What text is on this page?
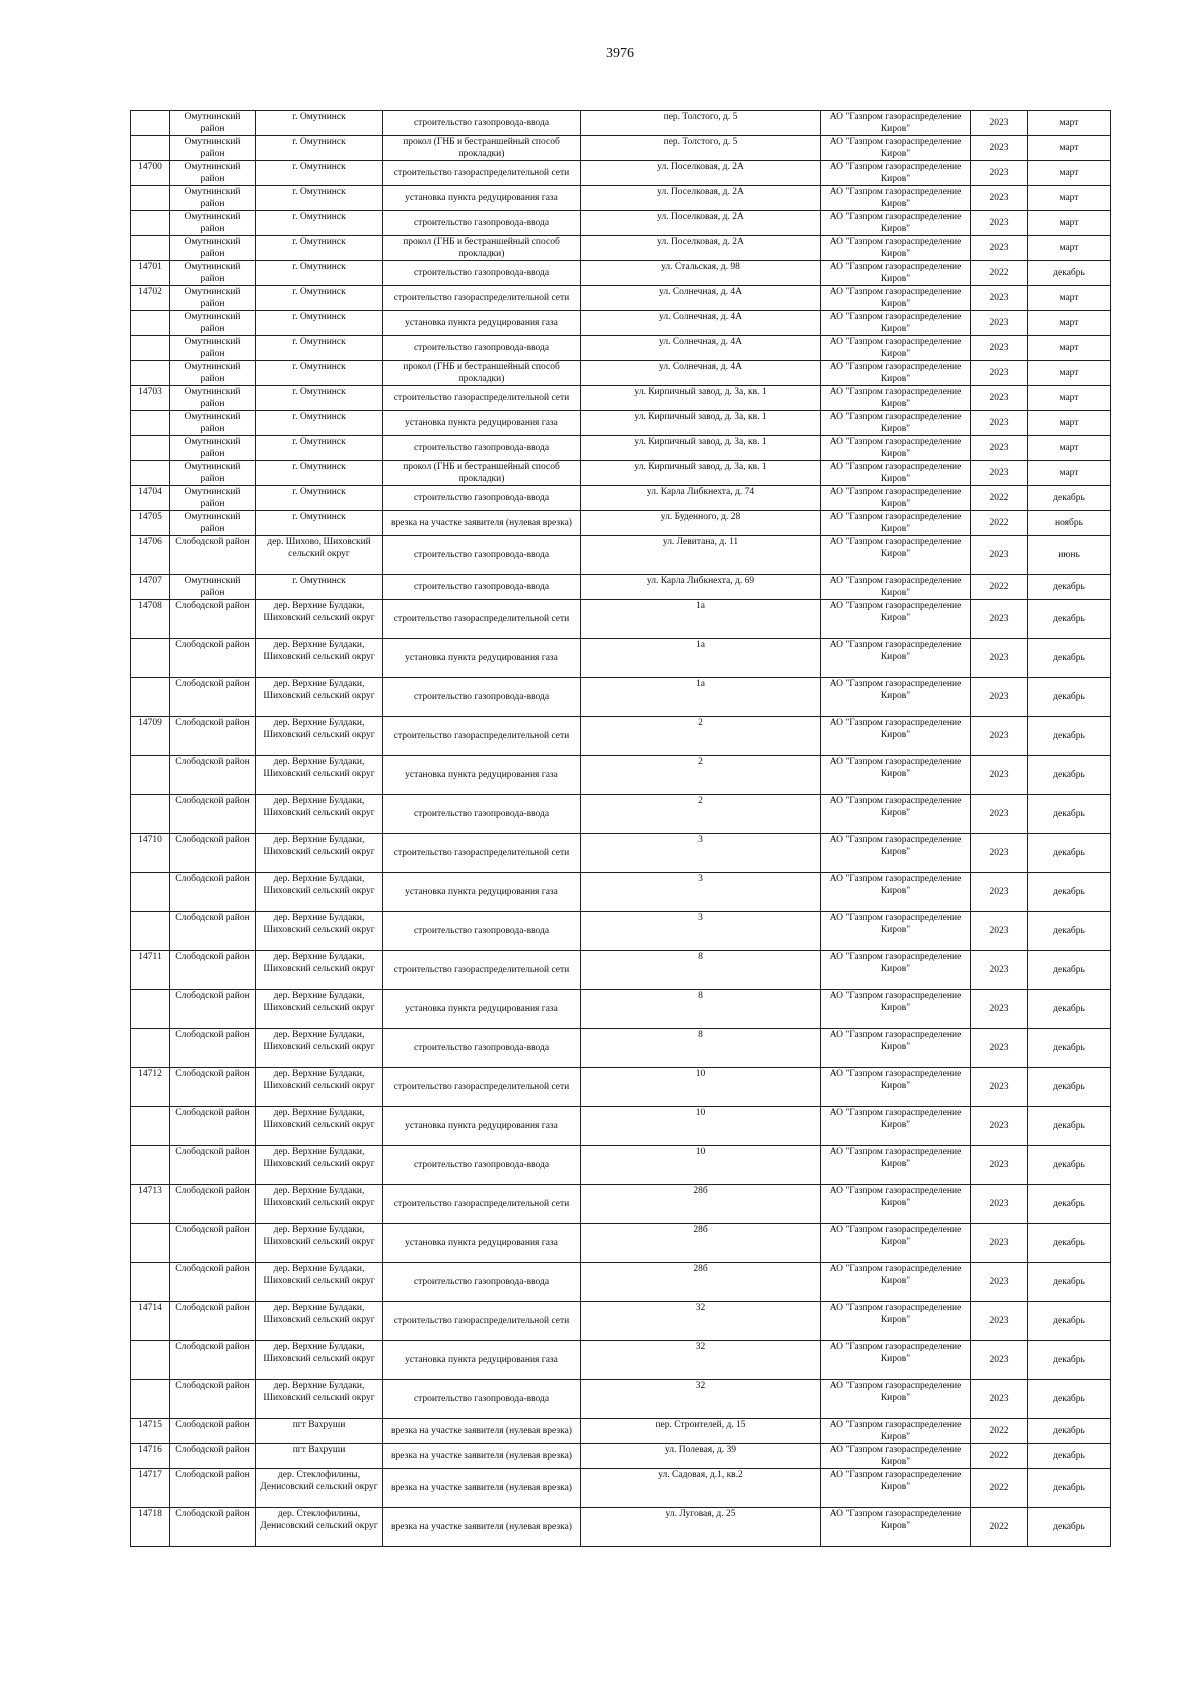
3976
	Омутнинский район	г. Омутнинск	строительство газопровода-ввода	пер. Толстого, д. 5	АО "Газпром газораспределение Киров"	2023	март
	Омутнинский район	г. Омутнинск	прокол (ГНБ и бестраншейный способ прокладки)	пер. Толстого, д. 5	АО "Газпром газораспределение Киров"	2023	март
14700	Омутнинский район	г. Омутнинск	строительство газораспределительной сети	ул. Поселковая, д. 2А	АО "Газпром газораспределение Киров"	2023	март
	Омутнинский район	г. Омутнинск	установка пункта редуцирования газа	ул. Поселковая, д. 2А	АО "Газпром газораспределение Киров"	2023	март
	Омутнинский район	г. Омутнинск	строительство газопровода-ввода	ул. Поселковая, д. 2А	АО "Газпром газораспределение Киров"	2023	март
	Омутнинский район	г. Омутнинск	прокол (ГНБ и бестраншейный способ прокладки)	ул. Поселковая, д. 2А	АО "Газпром газораспределение Киров"	2023	март
14701	Омутнинский район	г. Омутнинск	строительство газопровода-ввода	ул. Стальская, д. 98	АО "Газпром газораспределение Киров"	2022	декабрь
14702	Омутнинский район	г. Омутнинск	строительство газораспределительной сети	ул. Солнечная, д. 4А	АО "Газпром газораспределение Киров"	2023	март
	Омутнинский район	г. Омутнинск	установка пункта редуцирования газа	ул. Солнечная, д. 4А	АО "Газпром газораспределение Киров"	2023	март
	Омутнинский район	г. Омутнинск	строительство газопровода-ввода	ул. Солнечная, д. 4А	АО "Газпром газораспределение Киров"	2023	март
	Омутнинский район	г. Омутнинск	прокол (ГНБ и бестраншейный способ прокладки)	ул. Солнечная, д. 4А	АО "Газпром газораспределение Киров"	2023	март
14703	Омутнинский район	г. Омутнинск	строительство газораспределительной сети	ул. Кирпичный завод, д. 3а, кв. 1	АО "Газпром газораспределение Киров"	2023	март
	Омутнинский район	г. Омутнинск	установка пункта редуцирования газа	ул. Кирпичный завод, д. 3а, кв. 1	АО "Газпром газораспределение Киров"	2023	март
	Омутнинский район	г. Омутнинск	строительство газопровода-ввода	ул. Кирпичный завод, д. 3а, кв. 1	АО "Газпром газораспределение Киров"	2023	март
	Омутнинский район	г. Омутнинск	прокол (ГНБ и бестраншейный способ прокладки)	ул. Кирпичный завод, д. 3а, кв. 1	АО "Газпром газораспределение Киров"	2023	март
14704	Омутнинский район	г. Омутнинск	строительство газопровода-ввода	ул. Карла Либкнехта, д. 74	АО "Газпром газораспределение Киров"	2022	декабрь
14705	Омутнинский район	г. Омутнинск	врезка на участке заявителя (нулевая врезка)	ул. Буденного, д. 28	АО "Газпром газораспределение Киров"	2022	ноябрь
14706	Слободской район	дер. Шихово, Шиховский сельский округ	строительство газопровода-ввода	ул. Левитана, д. 11	АО "Газпром газораспределение Киров"	2023	июнь
14707	Омутнинский район	г. Омутнинск	строительство газопровода-ввода	ул. Карла Либкнехта, д. 69	АО "Газпром газораспределение Киров"	2022	декабрь
14708	Слободской район	дер. Верхние Булдаки, Шиховский сельский округ	строительство газораспределительной сети	1а	АО "Газпром газораспределение Киров"	2023	декабрь
	Слободской район	дер. Верхние Булдаки, Шиховский сельский округ	установка пункта редуцирования газа	1а	АО "Газпром газораспределение Киров"	2023	декабрь
	Слободской район	дер. Верхние Булдаки, Шиховский сельский округ	строительство газопровода-ввода	1а	АО "Газпром газораспределение Киров"	2023	декабрь
14709	Слободской район	дер. Верхние Булдаки, Шиховский сельский округ	строительство газораспределительной сети	2	АО "Газпром газораспределение Киров"	2023	декабрь
	Слободской район	дер. Верхние Булдаки, Шиховский сельский округ	установка пункта редуцирования газа	2	АО "Газпром газораспределение Киров"	2023	декабрь
	Слободской район	дер. Верхние Булдаки, Шиховский сельский округ	строительство газопровода-ввода	2	АО "Газпром газораспределение Киров"	2023	декабрь
14710	Слободской район	дер. Верхние Булдаки, Шиховский сельский округ	строительство газораспределительной сети	3	АО "Газпром газораспределение Киров"	2023	декабрь
	Слободской район	дер. Верхние Булдаки, Шиховский сельский округ	установка пункта редуцирования газа	3	АО "Газпром газораспределение Киров"	2023	декабрь
	Слободской район	дер. Верхние Булдаки, Шиховский сельский округ	строительство газопровода-ввода	3	АО "Газпром газораспределение Киров"	2023	декабрь
14711	Слободской район	дер. Верхние Булдаки, Шиховский сельский округ	строительство газораспределительной сети	8	АО "Газпром газораспределение Киров"	2023	декабрь
	Слободской район	дер. Верхние Булдаки, Шиховский сельский округ	установка пункта редуцирования газа	8	АО "Газпром газораспределение Киров"	2023	декабрь
	Слободской район	дер. Верхние Булдаки, Шиховский сельский округ	строительство газопровода-ввода	8	АО "Газпром газораспределение Киров"	2023	декабрь
14712	Слободской район	дер. Верхние Булдаки, Шиховский сельский округ	строительство газораспределительной сети	10	АО "Газпром газораспределение Киров"	2023	декабрь
	Слободской район	дер. Верхние Булдаки, Шиховский сельский округ	установка пункта редуцирования газа	10	АО "Газпром газораспределение Киров"	2023	декабрь
	Слободской район	дер. Верхние Булдаки, Шиховский сельский округ	строительство газопровода-ввода	10	АО "Газпром газораспределение Киров"	2023	декабрь
14713	Слободской район	дер. Верхние Булдаки, Шиховский сельский округ	строительство газораспределительной сети	28б	АО "Газпром газораспределение Киров"	2023	декабрь
	Слободской район	дер. Верхние Булдаки, Шиховский сельский округ	установка пункта редуцирования газа	28б	АО "Газпром газораспределение Киров"	2023	декабрь
	Слободской район	дер. Верхние Булдаки, Шиховский сельский округ	строительство газопровода-ввода	28б	АО "Газпром газораспределение Киров"	2023	декабрь
14714	Слободской район	дер. Верхние Булдаки, Шиховский сельский округ	строительство газораспределительной сети	32	АО "Газпром газораспределение Киров"	2023	декабрь
	Слободской район	дер. Верхние Булдаки, Шиховский сельский округ	установка пункта редуцирования газа	32	АО "Газпром газораспределение Киров"	2023	декабрь
	Слободской район	дер. Верхние Булдаки, Шиховский сельский округ	строительство газопровода-ввода	32	АО "Газпром газораспределение Киров"	2023	декабрь
14715	Слободской район	пгт Вахруши	врезка на участке заявителя (нулевая врезка)	пер. Строителей, д. 15	АО "Газпром газораспределение Киров"	2022	декабрь
14716	Слободской район	пгт Вахруши	врезка на участке заявителя (нулевая врезка)	ул. Полевая, д. 39	АО "Газпром газораспределение Киров"	2022	декабрь
14717	Слободской район	дер. Стеклофилины, Денисовский сельский округ	врезка на участке заявителя (нулевая врезка)	ул. Садовая, д.1, кв.2	АО "Газпром газораспределение Киров"	2022	декабрь
14718	Слободской район	дер. Стеклофилины, Денисовский сельский округ	врезка на участке заявителя (нулевая врезка)	ул. Луговая, д. 25	АО "Газпром газораспределение Киров"	2022	декабрь
